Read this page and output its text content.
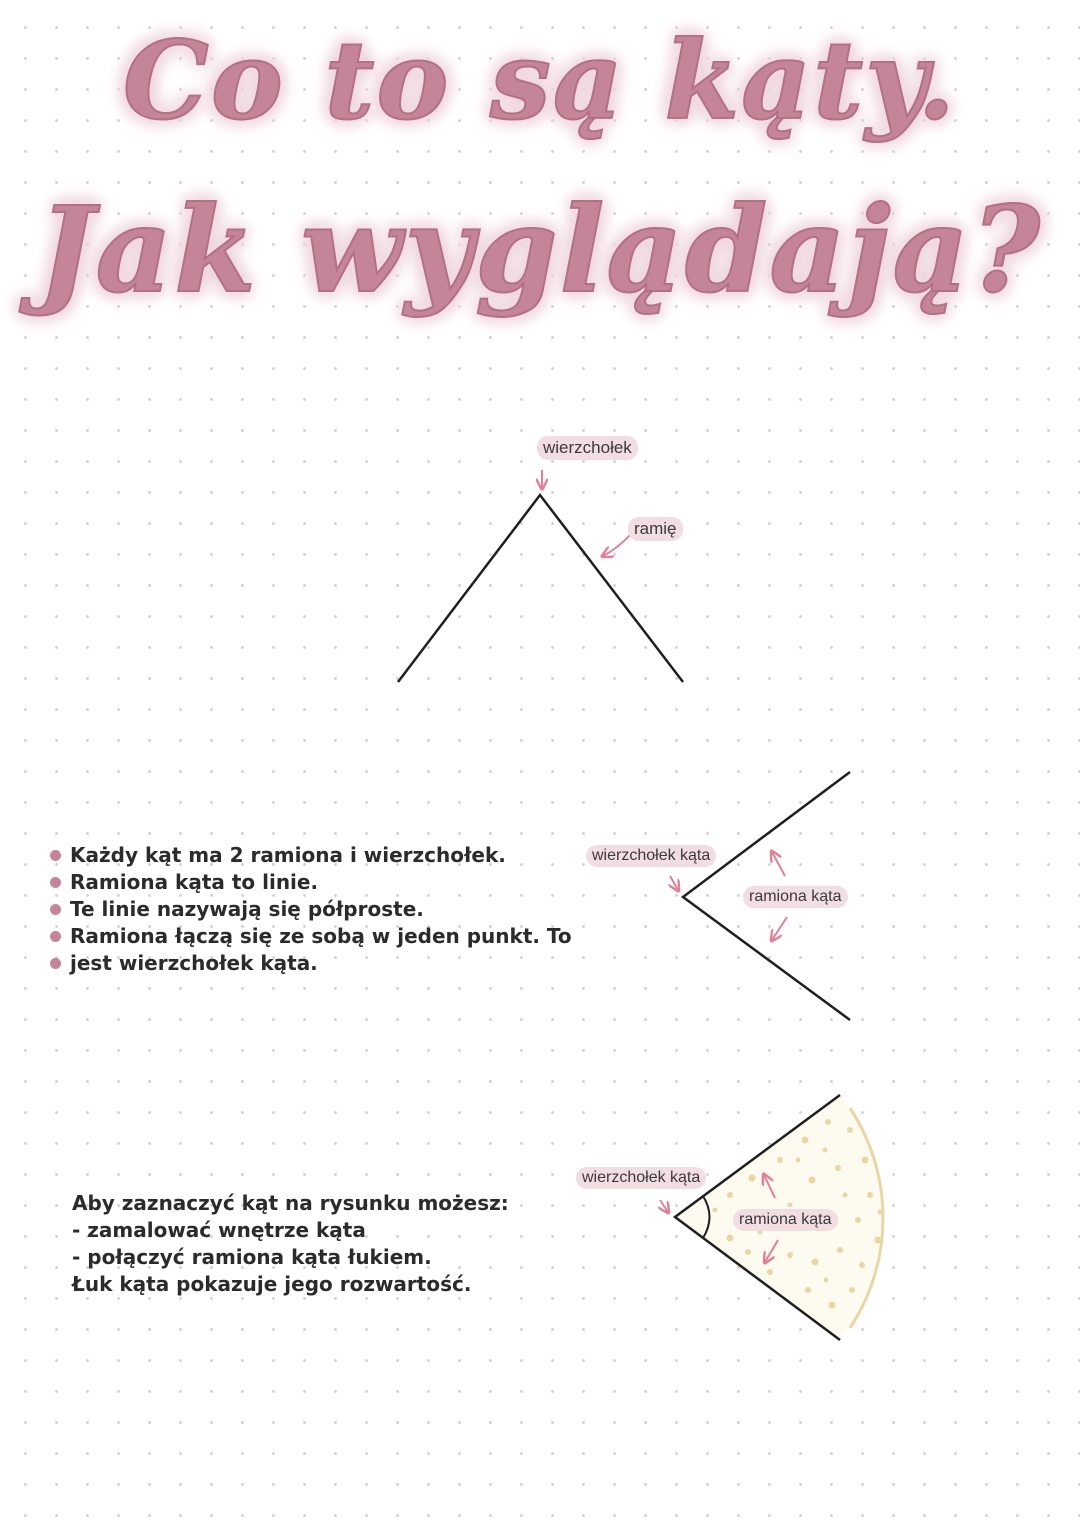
Co to są kąty.
Jak wyglądają?
wierzchołek
ramię
wierzchołek kąta
ramiona kąta
wierzchołek kąta
ramiona kąta
Każdy kąt ma 2 ramiona i wierzchołek.
Ramiona kąta to linie.
Te linie nazywają się półproste.
Ramiona łączą się ze sobą w jeden punkt. To
jest wierzchołek kąta.

Aby zaznaczyć kąt na rysunku możesz:

- zamalować wnętrze kąta

- połączyć ramiona kąta łukiem.

Łuk kąta pokazuje jego rozwartość.
